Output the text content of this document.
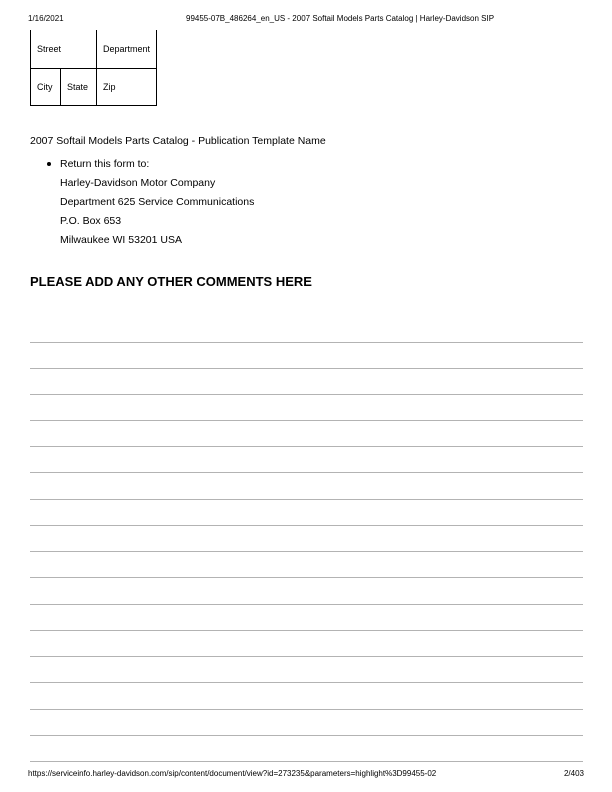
1/16/2021	99455-07B_486264_en_US - 2007 Softail Models Parts Catalog | Harley-Davidson SIP
Street		Department
City	State	Zip
2007 Softail Models Parts Catalog - Publication Template Name
Return this form to:
Harley-Davidson Motor Company
Department 625 Service Communications
P.O. Box 653
Milwaukee WI 53201 USA
PLEASE ADD ANY OTHER COMMENTS HERE
https://serviceinfo.harley-davidson.com/sip/content/document/view?id=273235&parameters=highlight%3D99455-02	2/403
